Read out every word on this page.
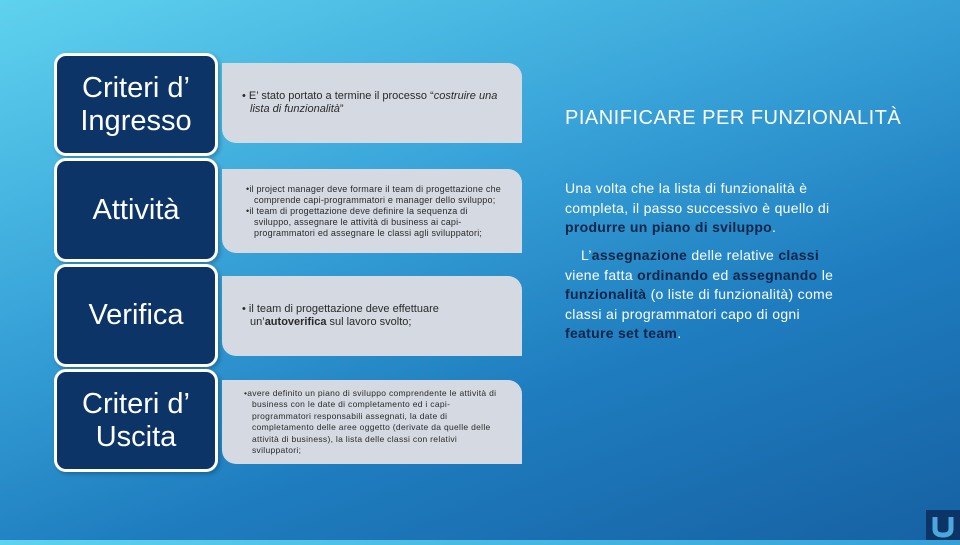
Criteri d’ Ingresso

• E’ stato portato a termine il processo “costruire una lista di funzionalità”

Attività

•il project manager deve formare il team di progettazione che comprende capi-programmatori e manager dello sviluppo;

•il team di progettazione deve definire la sequenza di sviluppo, assegnare le attività di business ai capi-programmatori ed assegnare le classi agli sviluppatori;

Verifica	• il team di progettazione deve effettuare un’autoverifica sul lavoro svolto;

Criteri d’ Uscita

•avere definito un piano di sviluppo comprendente le attività di business con le date di completamento ed i capi-programmatori responsabili assegnati, la date di completamento delle aree oggetto (derivate da quelle delle attività di business), la lista delle classi con relativi sviluppatori;

PIANIFICARE PER FUNZIONALITÀ

Una volta che la lista di funzionalità è completa, il passo successivo è quello di produrre un piano di sviluppo.

L’assegnazione delle relative classi viene fatta ordinando ed assegnando le funzionalità (o liste di funzionalità) come classi ai programmatori capo di ogni feature set team.
